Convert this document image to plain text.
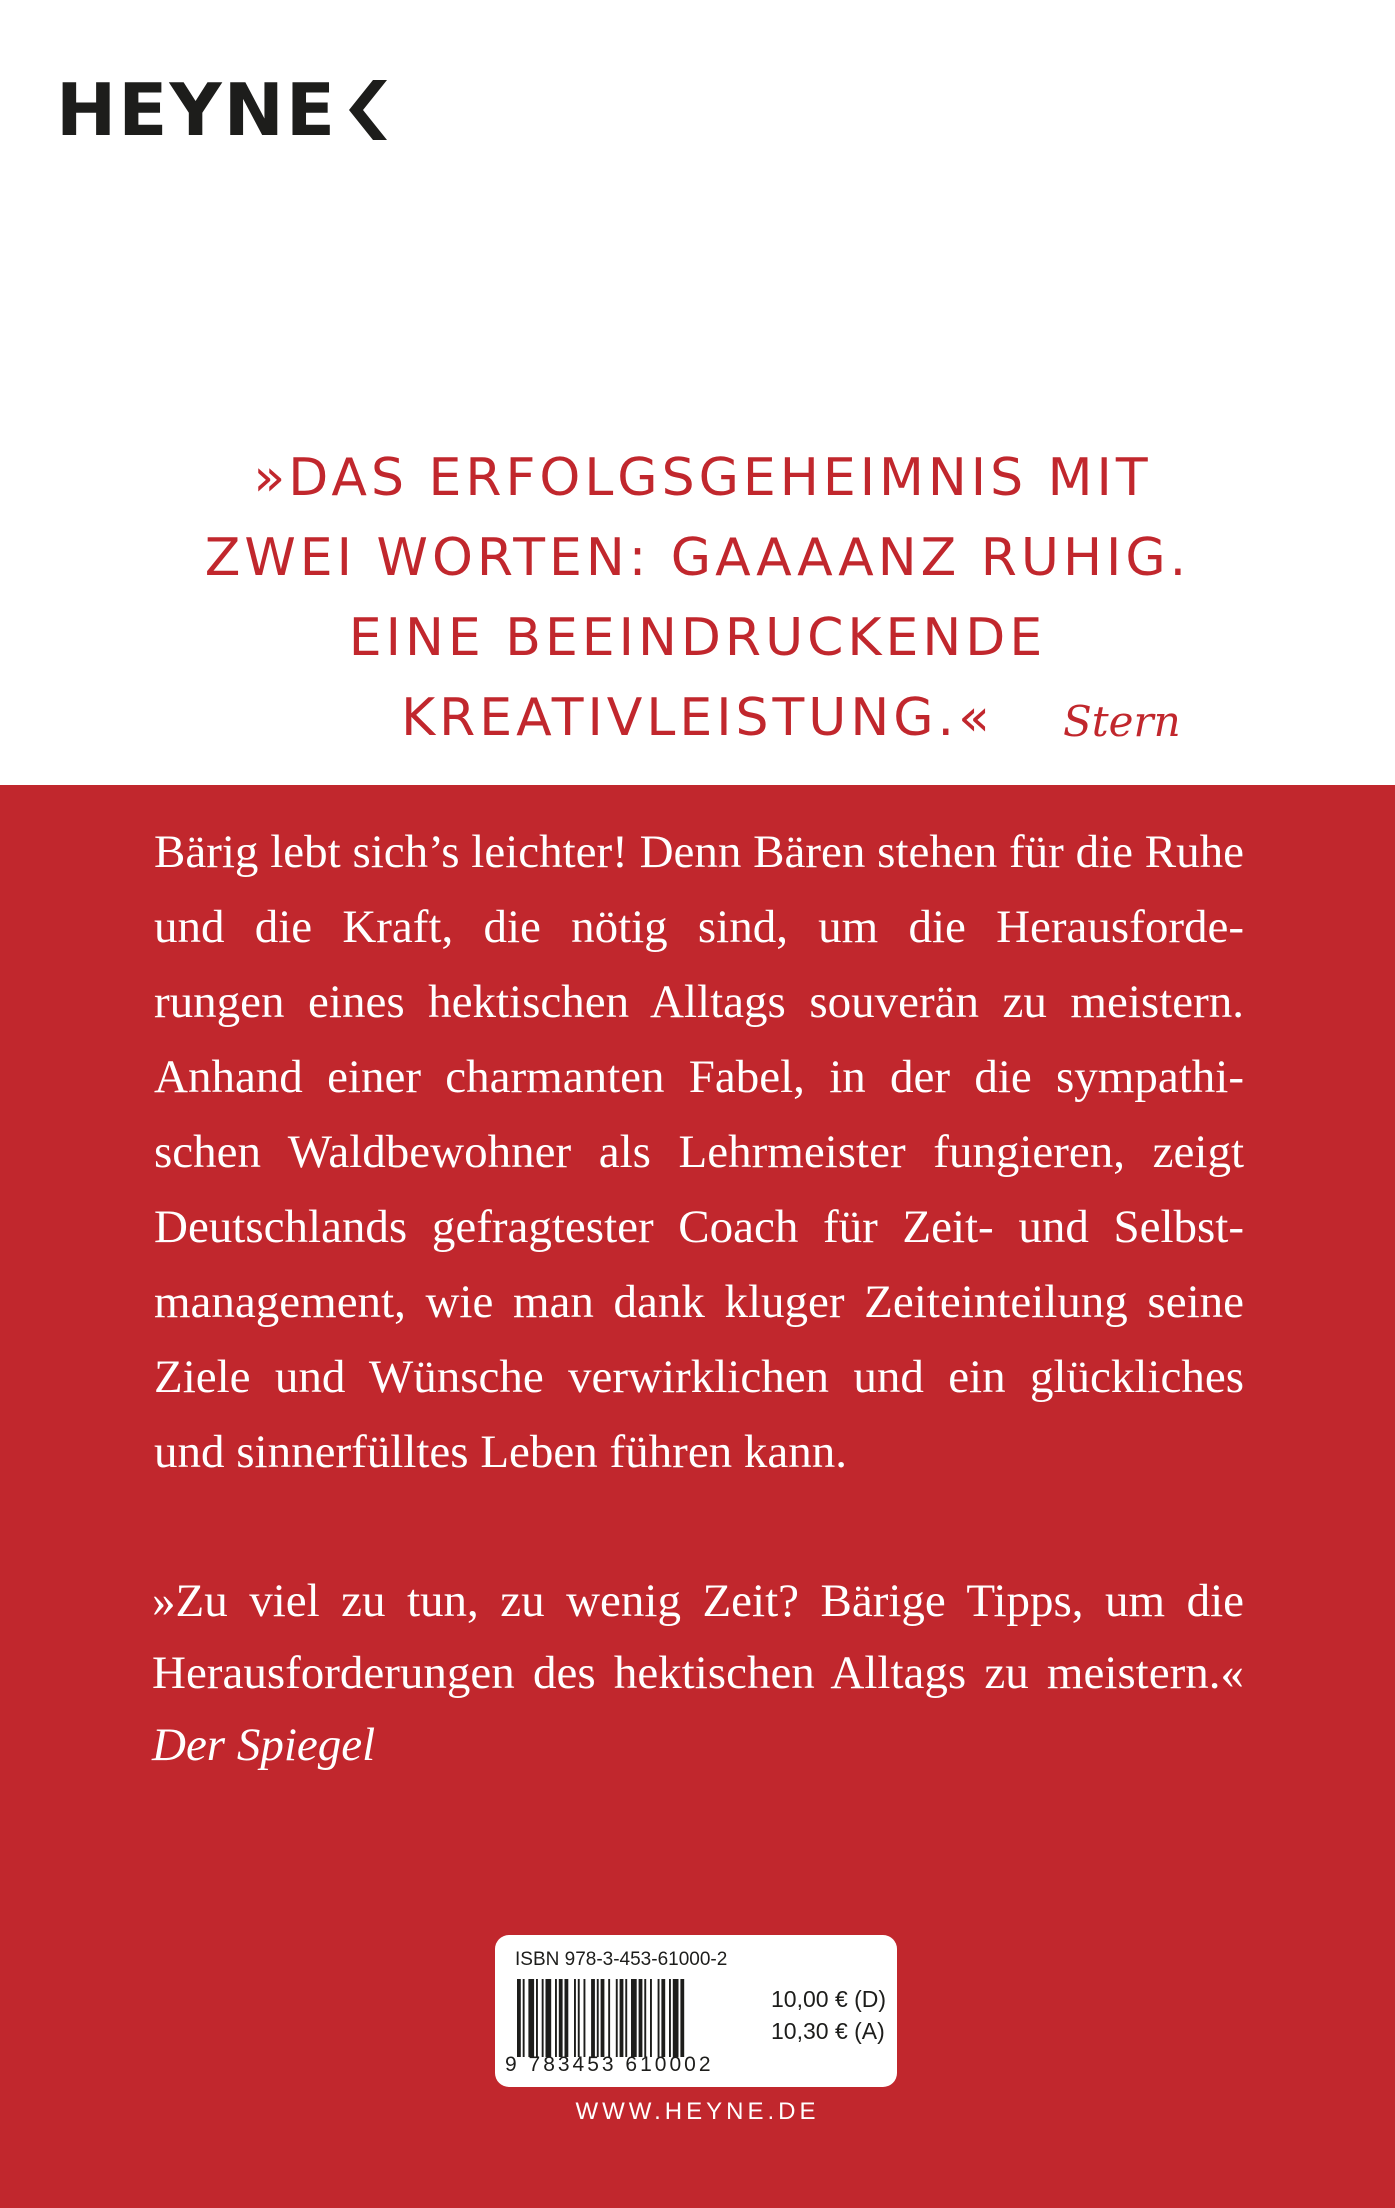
HEYNE
»DAS ERFOLGSGEHEIMNIS MIT
ZWEI WORTEN: GAAAANZ RUHIG.
EINE BEEINDRUCKENDE
KREATIVLEISTUNG.« Stern
Bärig lebt sich’s leichter! Denn Bären stehen für die Ruhe
und die Kraft, die nötig sind, um die Herausforde-
rungen eines hektischen Alltags souverän zu meistern.
Anhand einer charmanten Fabel, in der die sympathi-
schen Waldbewohner als Lehrmeister fungieren, zeigt
Deutschlands gefragtester Coach für Zeit- und Selbst-
management, wie man dank kluger Zeiteinteilung seine
Ziele und Wünsche verwirklichen und ein glückliches
und sinnerfülltes Leben führen kann.
»Zu viel zu tun, zu wenig Zeit? Bärige Tipps, um die
Herausforderungen des hektischen Alltags zu meistern.«
Der Spiegel
ISBN 978-3-453-61000-2
9 783453 610002
10,00 € (D)
10,30 € (A)
WWW.HEYNE.DE
